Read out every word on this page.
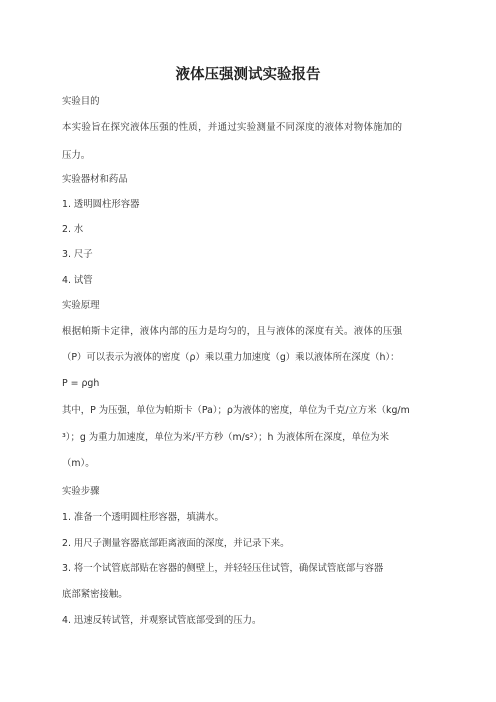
液体压强测试实验报告
实验目的
本实验旨在探究液体压强的性质，并通过实验测量不同深度的液体对物体施加的
压力。
实验器材和药品
1. 透明圆柱形容器
2. 水
3. 尺子
4. 试管
实验原理
根据帕斯卡定律，液体内部的压力是均匀的，且与液体的深度有关。液体的压强
（P）可以表示为液体的密度（ρ）乘以重力加速度（g）乘以液体所在深度（h）：
P = ρgh
其中，P 为压强，单位为帕斯卡（Pa）；ρ为液体的密度，单位为千克/立方米（kg/m
³）；g 为重力加速度，单位为米/平方秒（m/s²）；h 为液体所在深度，单位为米
（m）。
实验步骤
1. 准备一个透明圆柱形容器，填满水。
2. 用尺子测量容器底部距离液面的深度，并记录下来。
3. 将一个试管底部贴在容器的侧壁上，并轻轻压住试管，确保试管底部与容器
底部紧密接触。
4. 迅速反转试管，并观察试管底部受到的压力。
